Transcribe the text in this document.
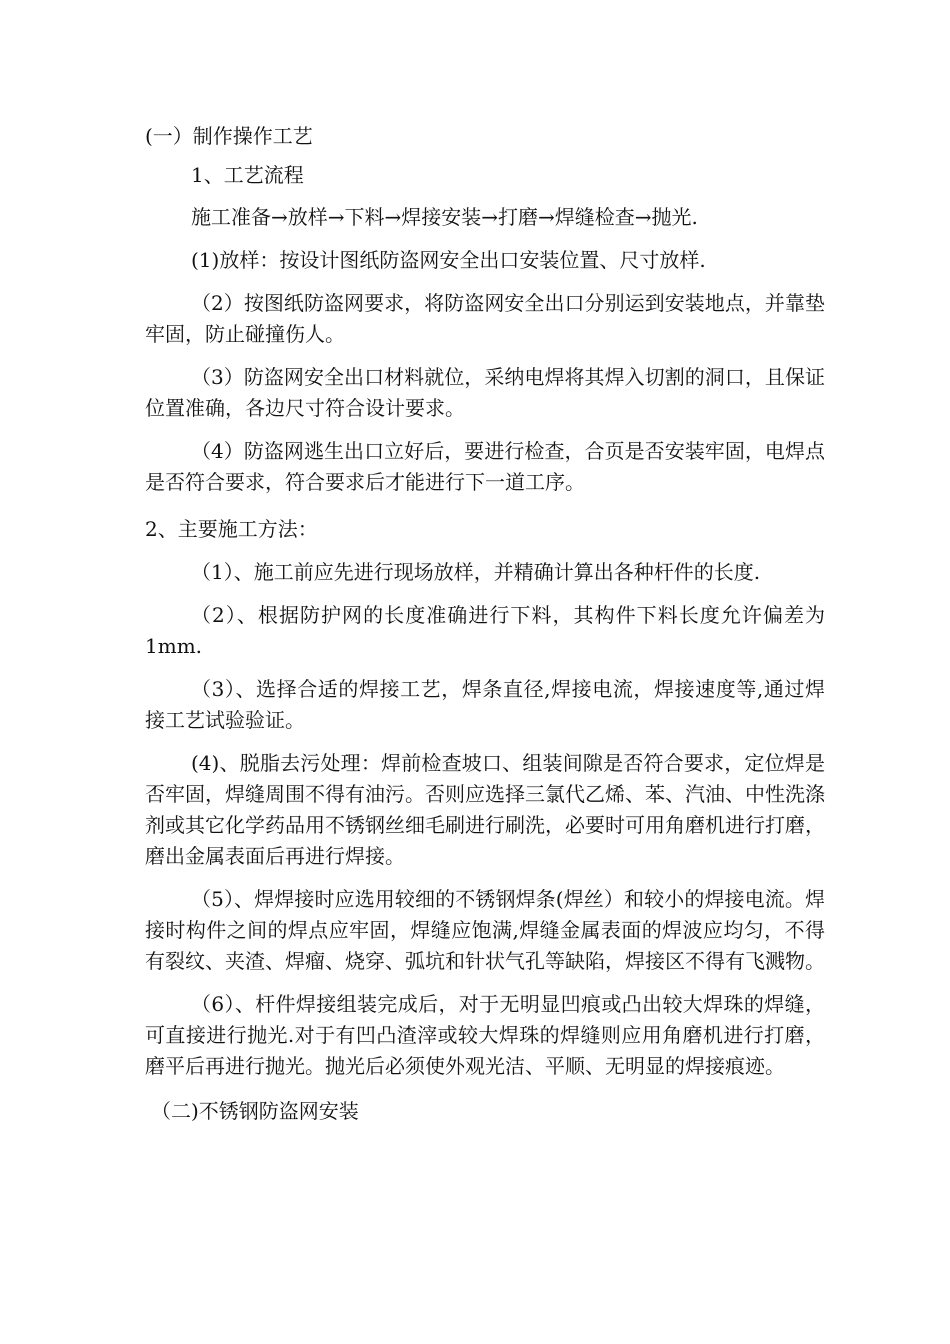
(一）制作操作工艺

1、工艺流程

施工准备→放样→下料→焊接安装→打磨→焊缝检查→抛光.

(1)放样：按设计图纸防盗网安全出口安装位置、尺寸放样.

（2）按图纸防盗网要求，将防盗网安全出口分别运到安装地点，并靠垫牢固，防止碰撞伤人。

（3）防盗网安全出口材料就位，采纳电焊将其焊入切割的洞口，且保证位置准确，各边尺寸符合设计要求。

（4）防盗网逃生出口立好后，要进行检查，合页是否安装牢固，电焊点是否符合要求，符合要求后才能进行下一道工序。

2、主要施工方法：

（1）、施工前应先进行现场放样，并精确计算出各种杆件的长度.

（2）、根据防护网的长度准确进行下料，其构件下料长度允许偏差为1mm.

（3）、选择合适的焊接工艺，焊条直径,焊接电流，焊接速度等,通过焊接工艺试验验证。

(4)、脱脂去污处理：焊前检查坡口、组装间隙是否符合要求，定位焊是否牢固，焊缝周围不得有油污。否则应选择三氯代乙烯、苯、汽油、中性洗涤剂或其它化学药品用不锈钢丝细毛刷进行刷洗，必要时可用角磨机进行打磨，磨出金属表面后再进行焊接。

（5）、焊焊接时应选用较细的不锈钢焊条(焊丝）和较小的焊接电流。焊接时构件之间的焊点应牢固，焊缝应饱满,焊缝金属表面的焊波应均匀，不得有裂纹、夹渣、焊瘤、烧穿、弧坑和针状气孔等缺陷，焊接区不得有飞溅物。

（6）、杆件焊接组装完成后，对于无明显凹痕或凸出较大焊珠的焊缝，可直接进行抛光.对于有凹凸渣滓或较大焊珠的焊缝则应用角磨机进行打磨，磨平后再进行抛光。抛光后必须使外观光洁、平顺、无明显的焊接痕迹。

（二)不锈钢防盗网安装
